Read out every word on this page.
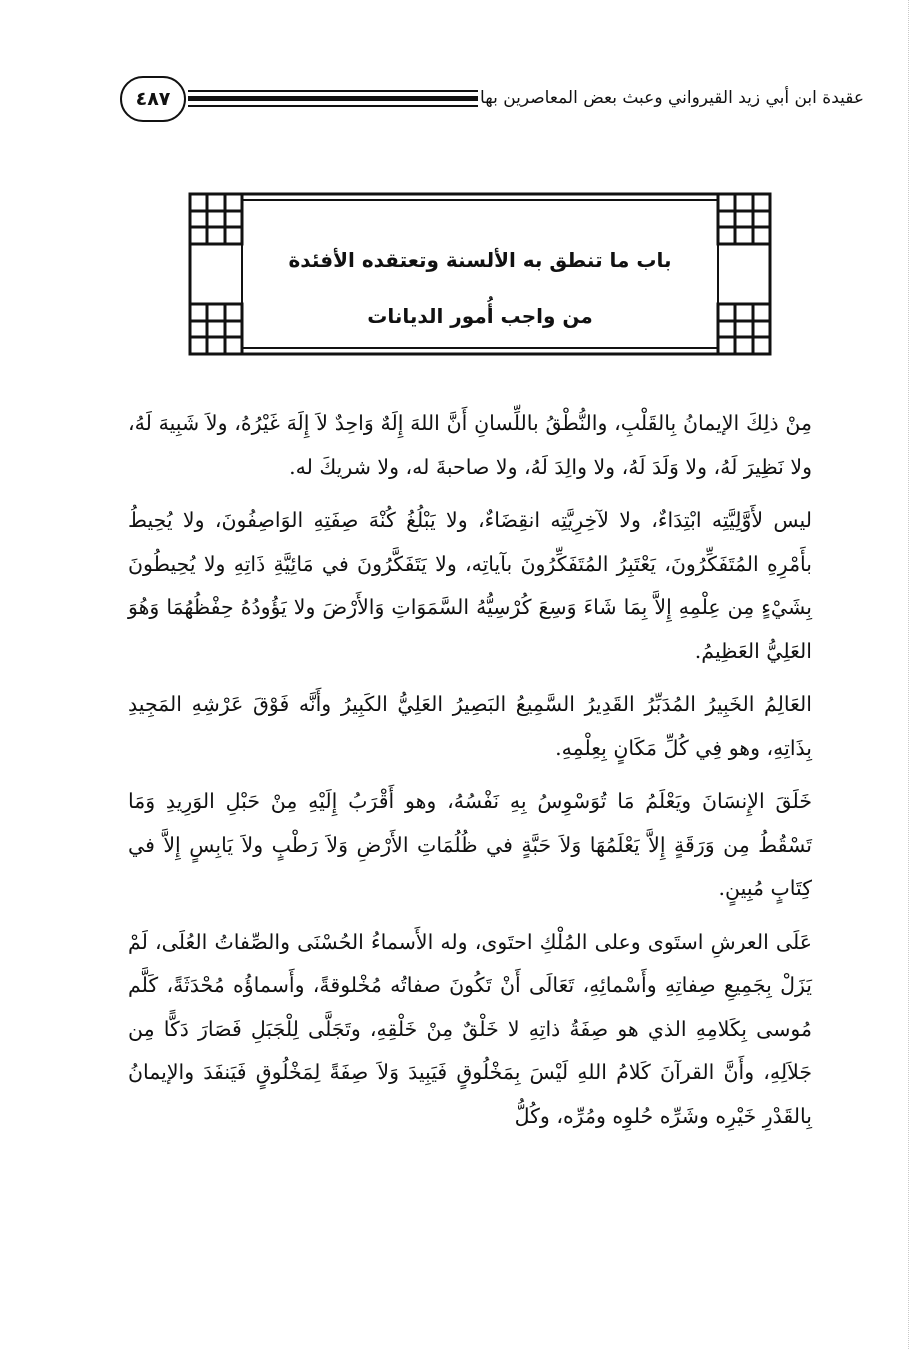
عقيدة ابن أبي زيد القيرواني وعبث بعض المعاصرين بها
٤٨٧
باب ما تنطق به الألسنة وتعتقده الأفئدة
من واجب أُمور الديانات

مِنْ ذلِكَ الإيمانُ بِالقَلْبِ، والنُّطْقُ باللِّسانِ أَنَّ اللهَ إِلَهٌ وَاحِدٌ لاَ إِلَهَ غَيْرُهُ، ولاَ شَبِيهَ لَهُ، ولا نَظِيرَ لَهُ، ولا وَلَدَ لَهُ، ولا والِدَ لَهُ، ولا صاحبةَ له، ولا شريكَ له.

ليس لأَوَّلِيَّتِه ابْتِدَاءٌ، ولا لآخِرِيَّتِه انقِضَاءٌ، ولا يَبْلُغُ كُنْهَ صِفَتِهِ الوَاصِفُونَ، ولا يُحِيطُ بأَمْرِهِ المُتَفَكِّرُونَ، يَعْتَبِرُ المُتَفَكِّرُونَ بآياتِه، ولا يَتَفَكَّرُونَ في مَائِيَّةِ ذَاتِهِ ولا يُحِيطُونَ بِشَيْءٍ مِن عِلْمِهِ إِلاَّ بِمَا شَاءَ وَسِعَ كُرْسِيُّهُ السَّمَوَاتِ وَالأَرْضَ ولا يَؤُودُهُ حِفْظُهُمَا وَهُوَ العَلِيُّ العَظِيمُ.

العَالِمُ الخَبِيرُ المُدَبِّرُ القَدِيرُ السَّمِيعُ البَصِيرُ العَلِيُّ الكَبِيرُ وأَنَّه فَوْقَ عَرْشِهِ المَجِيدِ بِذَاتِهِ، وهو فِي كُلِّ مَكَانٍ بِعِلْمِهِ.

خَلَقَ الإِنسَانَ ويَعْلَمُ مَا تُوَسْوِسُ بِهِ نَفْسُهُ، وهو أَقْرَبُ إِلَيْهِ مِنْ حَبْلِ الوَرِيدِ وَمَا تَسْقُطُ مِن وَرَقَةٍ إِلاَّ يَعْلَمُهَا وَلاَ حَبَّةٍ في ظُلُمَاتِ الأَرْضِ وَلاَ رَطْبٍ ولاَ يَابِسٍ إِلاَّ في كِتَابٍ مُبِينٍ.

عَلَى العرشِ استَوى وعلى المُلْكِ احتَوى، وله الأَسماءُ الحُسْنَى والصِّفاتُ العُلَى، لَمْ يَزَلْ بِجَمِيعِ صِفاتِهِ وأَسْمائِهِ، تَعَالَى أَنْ تَكُونَ صفاتُه مُخْلوقةً، وأَسماؤُه مُحْدَثَةً، كَلَّم مُوسى بِكَلامِهِ الذي هو صِفَةُ ذاتِهِ لا خَلْقٌ مِنْ خَلْقِهِ، وتَجَلَّى لِلْجَبَلِ فَصَارَ دَكًّا مِن جَلاَلِهِ، وأَنَّ القرآنَ كَلامُ اللهِ لَيْسَ بِمَخْلُوقٍ فَيَبِيدَ وَلاَ صِفَةً لِمَخْلُوقٍ فَيَنفَدَ والإيمانُ بِالقَدْرِ خَيْرِه وشَرِّه حُلوِه ومُرِّه، وكُلُّ
